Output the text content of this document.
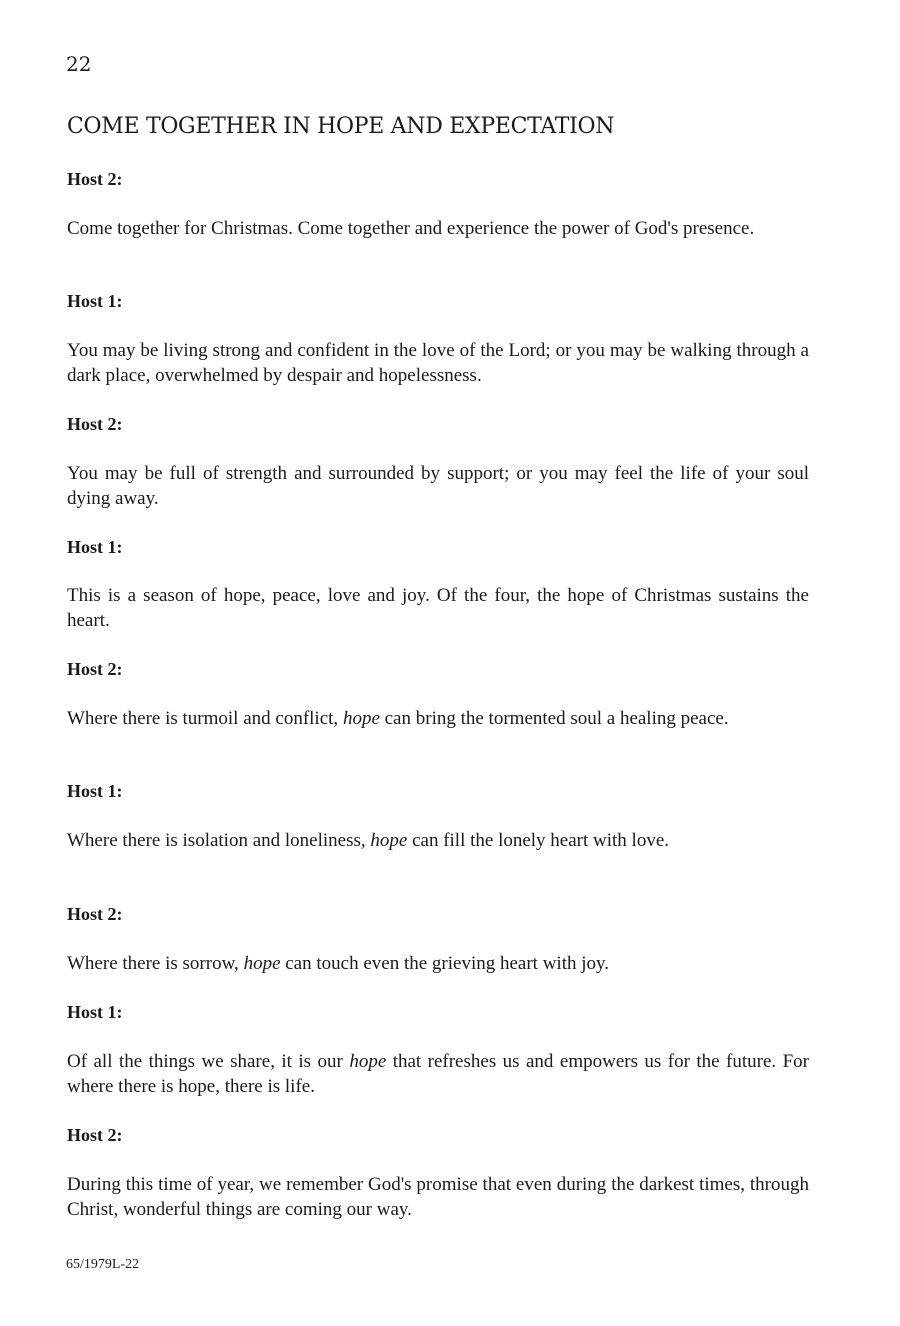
22
COME TOGETHER IN HOPE AND EXPECTATION
Host 2:

Come together for Christmas. Come together and experience the power of God's presence.

Host 1:

You may be living strong and confident in the love of the Lord; or you may be walking through a dark place, overwhelmed by despair and hopelessness.

Host 2:

You may be full of strength and surrounded by support; or you may feel the life of your soul dying away.

Host 1:

This is a season of hope, peace, love and joy. Of the four, the hope of Christmas sustains the heart.

Host 2:

Where there is turmoil and conflict, hope can bring the tormented soul a healing peace.

Host 1:

Where there is isolation and loneliness, hope can fill the lonely heart with love.

Host 2:

Where there is sorrow, hope can touch even the grieving heart with joy.

Host 1:

Of all the things we share, it is our hope that refreshes us and empowers us for the future. For where there is hope, there is life.

Host 2:

During this time of year, we remember God's promise that even during the darkest times, through Christ, wonderful things are coming our way.

65/1979L-22
